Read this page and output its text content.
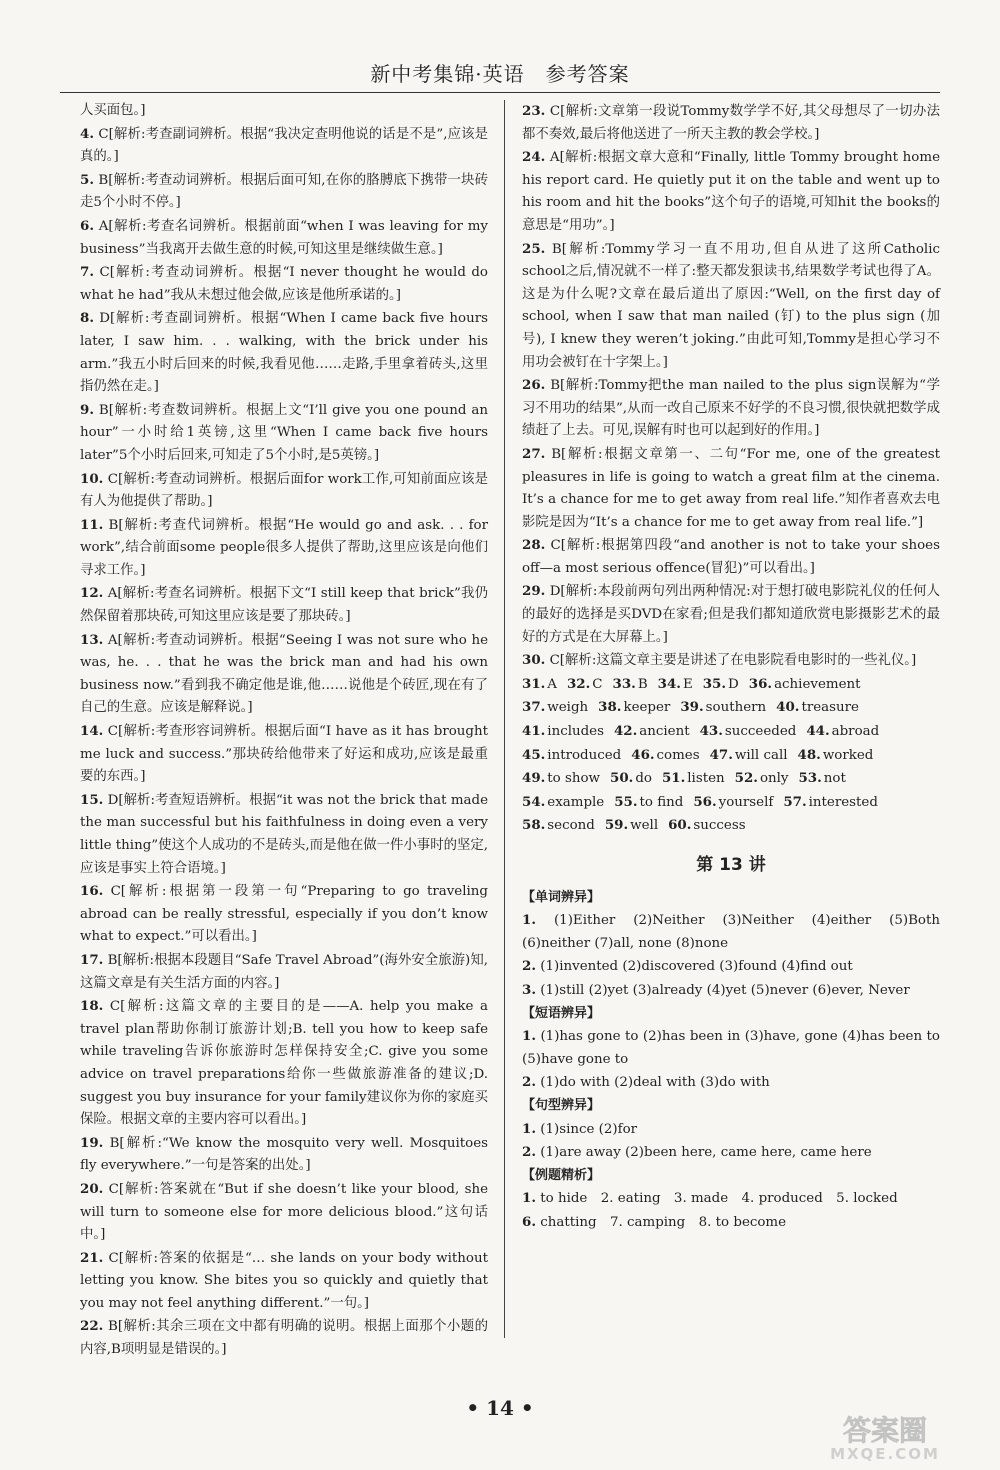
新中考集锦·英语　参考答案

人买面包。]

4. C[解析:考查副词辨析。根据“我决定查明他说的话是不是”,应该是真的。]

5. B[解析:考查动词辨析。根据后面可知,在你的胳膊底下携带一块砖走5个小时不停。]

6. A[解析:考查名词辨析。根据前面“when I was leaving for my business”当我离开去做生意的时候,可知这里是继续做生意。]

7. C[解析:考查动词辨析。根据“I never thought he would do what he had”我从未想过他会做,应该是他所承诺的。]

8. D[解析:考查副词辨析。根据“When I came back five hours later, I saw him. . . walking, with the brick under his arm.”我五小时后回来的时候,我看见他……走路,手里拿着砖头,这里指仍然在走。]

9. B[解析:考查数词辨析。根据上文“I’ll give you one pound an hour”一小时给1英镑,这里“When I came back five hours later”5个小时后回来,可知走了5个小时,是5英镑。]

10. C[解析:考查动词辨析。根据后面for work工作,可知前面应该是有人为他提供了帮助。]

11. B[解析:考查代词辨析。根据“He would go and ask. . . for work”,结合前面some people很多人提供了帮助,这里应该是向他们寻求工作。]

12. A[解析:考查名词辨析。根据下文“I still keep that brick”我仍然保留着那块砖,可知这里应该是要了那块砖。]

13. A[解析:考查动词辨析。根据“Seeing I was not sure who he was, he. . . that he was the brick man and had his own business now.”看到我不确定他是谁,他……说他是个砖匠,现在有了自己的生意。应该是解释说。]

14. C[解析:考查形容词辨析。根据后面“I have as it has brought me luck and success.”那块砖给他带来了好运和成功,应该是最重要的东西。]

15. D[解析:考查短语辨析。根据“it was not the brick that made the man successful but his faithfulness in doing even a very little thing”使这个人成功的不是砖头,而是他在做一件小事时的坚定,应该是事实上符合语境。]

16. C[解析:根据第一段第一句“Preparing to go traveling abroad can be really stressful, especially if you don’t know what to expect.”可以看出。]

17. B[解析:根据本段题目“Safe Travel Abroad”(海外安全旅游)知,这篇文章是有关生活方面的内容。]

18. C[解析:这篇文章的主要目的是——A. help you make a travel plan帮助你制订旅游计划;B. tell you how to keep safe while traveling告诉你旅游时怎样保持安全;C. give you some advice on travel preparations给你一些做旅游准备的建议;D. suggest you buy insurance for your family建议你为你的家庭买保险。根据文章的主要内容可以看出。]

19. B[解析:“We know the mosquito very well. Mosquitoes fly everywhere.”一句是答案的出处。]

20. C[解析:答案就在“But if she doesn’t like your blood, she will turn to someone else for more delicious blood.”这句话中。]

21. C[解析:答案的依据是“… she lands on your body without letting you know. She bites you so quickly and quietly that you may not feel anything different.”一句。]

22. B[解析:其余三项在文中都有明确的说明。根据上面那个小题的内容,B项明显是错误的。]

23. C[解析:文章第一段说Tommy数学学不好,其父母想尽了一切办法都不奏效,最后将他送进了一所天主教的教会学校。]

24. A[解析:根据文章大意和“Finally, little Tommy brought home his report card. He quietly put it on the table and went up to his room and hit the books”这个句子的语境,可知hit the books的意思是“用功”。]

25. B[解析:Tommy学习一直不用功,但自从进了这所Catholic school之后,情况就不一样了:整天都发狠读书,结果数学考试也得了A。这是为什么呢?文章在最后道出了原因:“Well, on the first day of school, when I saw that man nailed (钉) to the plus sign (加号), I knew they weren’t joking.”由此可知,Tommy是担心学习不用功会被钉在十字架上。]

26. B[解析:Tommy把the man nailed to the plus sign误解为“学习不用功的结果”,从而一改自己原来不好学的不良习惯,很快就把数学成绩赶了上去。可见,误解有时也可以起到好的作用。]

27. B[解析:根据文章第一、二句“For me, one of the greatest pleasures in life is going to watch a great film at the cinema. It’s a chance for me to get away from real life.”知作者喜欢去电影院是因为“It’s a chance for me to get away from real life.”]

28. C[解析:根据第四段“and another is not to take your shoes off—a most serious offence(冒犯)”可以看出。]

29. D[解析:本段前两句列出两种情况:对于想打破电影院礼仪的任何人的最好的选择是买DVD在家看;但是我们都知道欣赏电影摄影艺术的最好的方式是在大屏幕上。]

30. C[解析:这篇文章主要是讲述了在电影院看电影时的一些礼仪。]

31. A 32. C 33. B 34. E 35. D 36. achievement
37. weigh 38. keeper 39. southern 40. treasure
41. includes 42. ancient 43. succeeded 44. abroad
45. introduced 46. comes 47. will call 48. worked
49. to show 50. do 51. listen 52. only 53. not
54. example 55. to find 56. yourself 57. interested
58. second 59. well 60. success
第 13 讲
【单词辨异】

1. (1)Either (2)Neither (3)Neither (4)either (5)Both (6)neither (7)all, none (8)none

2. (1)invented (2)discovered (3)found (4)find out

3. (1)still (2)yet (3)already (4)yet (5)never (6)ever, Never

【短语辨异】

1. (1)has gone to (2)has been in (3)have, gone (4)has been to (5)have gone to

2. (1)do with (2)deal with (3)do with

【句型辨异】

1. (1)since (2)for

2. (1)are away (2)been here, came here, came here

【例题精析】

1. to hide　2. eating　3. made　4. produced　5. locked

6. chatting　7. camping　8. to become

• 14 •
答案圈
MXQE.COM
